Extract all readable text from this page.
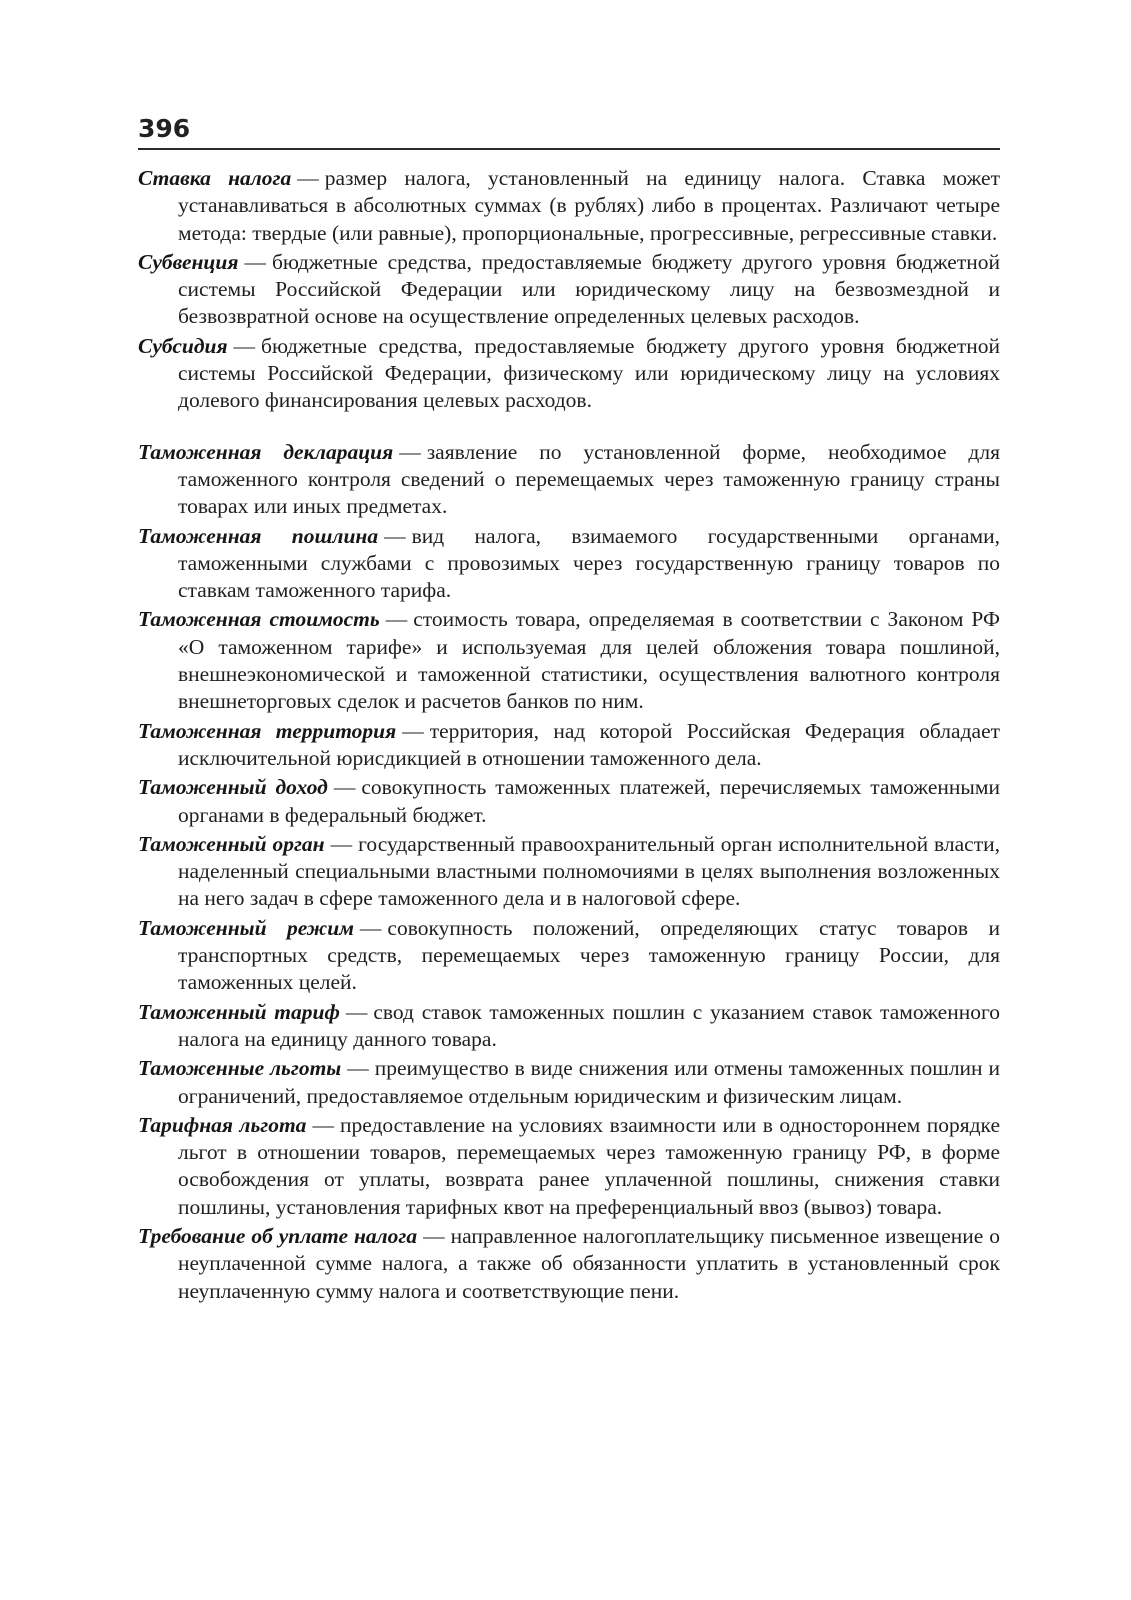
396

Ставка налога — размер налога, установленный на единицу налога. Ставка может устанавливаться в абсолютных суммах (в рублях) либо в процентах. Различают четыре метода: твердые (или равные), пропорциональные, прогрессивные, регрессивные ставки.

Субвенция — бюджетные средства, предоставляемые бюджету другого уровня бюджетной системы Российской Федерации или юридическому лицу на безвозмездной и безвозвратной основе на осуществление определенных целевых расходов.

Субсидия — бюджетные средства, предоставляемые бюджету другого уровня бюджетной системы Российской Федерации, физическому или юридическому лицу на условиях долевого финансирования целевых расходов.

Таможенная декларация — заявление по установленной форме, необходимое для таможенного контроля сведений о перемещаемых через таможенную границу страны товарах или иных предметах.

Таможенная пошлина — вид налога, взимаемого государственными органами, таможенными службами с провозимых через государственную границу товаров по ставкам таможенного тарифа.

Таможенная стоимость — стоимость товара, определяемая в соответствии с Законом РФ «О таможенном тарифе» и используемая для целей обложения товара пошлиной, внешнеэкономической и таможенной статистики, осуществления валютного контроля внешнеторговых сделок и расчетов банков по ним.

Таможенная территория — территория, над которой Российская Федерация обладает исключительной юрисдикцией в отношении таможенного дела.

Таможенный доход — совокупность таможенных платежей, перечисляемых таможенными органами в федеральный бюджет.

Таможенный орган — государственный правоохранительный орган исполнительной власти, наделенный специальными властными полномочиями в целях выполнения возложенных на него задач в сфере таможенного дела и в налоговой сфере.

Таможенный режим — совокупность положений, определяющих статус товаров и транспортных средств, перемещаемых через таможенную границу России, для таможенных целей.

Таможенный тариф — свод ставок таможенных пошлин с указанием ставок таможенного налога на единицу данного товара.

Таможенные льготы — преимущество в виде снижения или отмены таможенных пошлин и ограничений, предоставляемое отдельным юридическим и физическим лицам.

Тарифная льгота — предоставление на условиях взаимности или в одностороннем порядке льгот в отношении товаров, перемещаемых через таможенную границу РФ, в форме освобождения от уплаты, возврата ранее уплаченной пошлины, снижения ставки пошлины, установления тарифных квот на преференциальный ввоз (вывоз) товара.

Требование об уплате налога — направленное налогоплательщику письменное извещение о неуплаченной сумме налога, а также об обязанности уплатить в установленный срок неуплаченную сумму налога и соответствующие пени.
